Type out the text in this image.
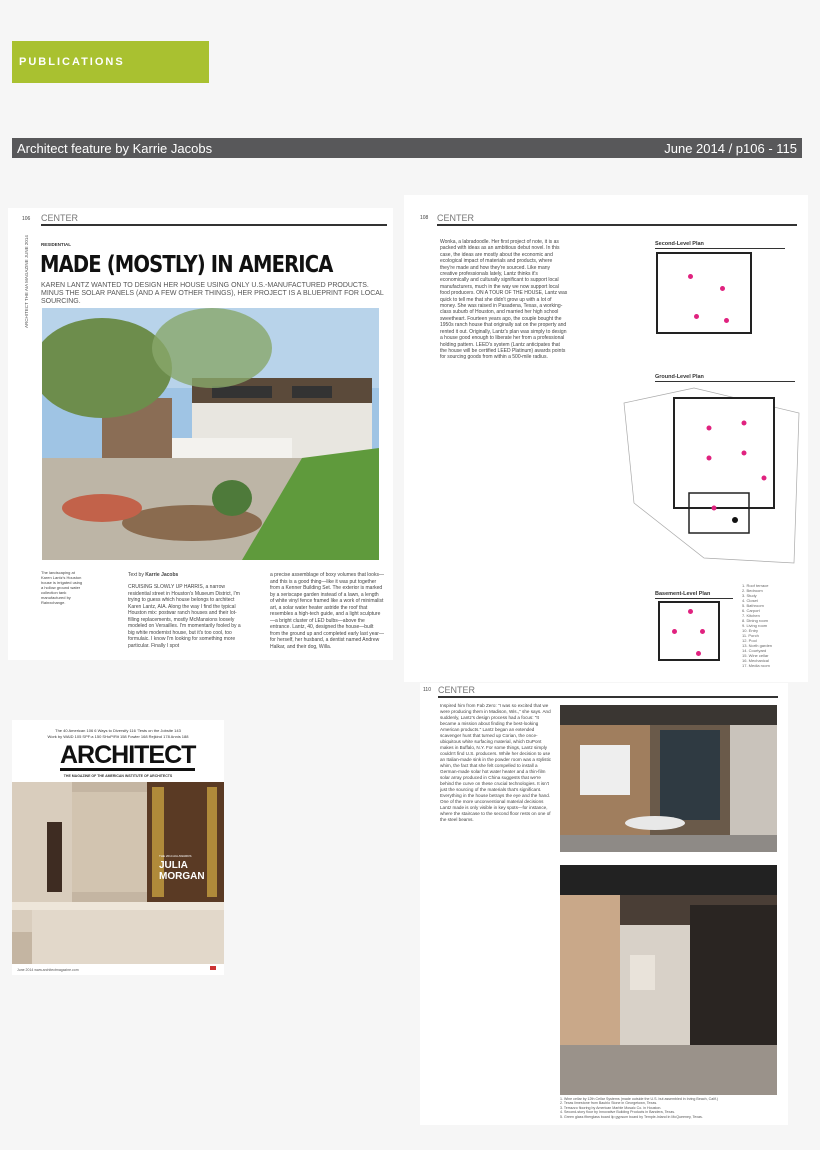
PUBLICATIONS
Architect feature by Karrie Jacobs	June 2014 / p106 - 115
106 CENTER
ARCHITECT THE AIA MAGAZINE JUNE 2014	RESIDENTIAL
MADE (MOSTLY) IN AMERICA
KAREN LANTZ WANTED TO DESIGN HER HOUSE USING ONLY U.S.-MANUFACTURED PRODUCTS. MINUS THE SOLAR PANELS (AND A FEW OTHER THINGS), HER PROJECT IS A BLUEPRINT FOR LOCAL SOURCING.
The landscaping at Karen Lantz's Houston house is irrigated using a hollow ground water collection tank manufactured by Rainxchange.
Text by Karrie Jacobs
CRUISING SLOWLY UP HARRIS, a narrow residential street in Houston's Museum District, I'm trying to guess which house belongs to architect Karen Lantz, AIA. Along the way I find the typical Houston mix: postwar ranch houses and their lot-filling replacements, mostly McMansions loosely modeled on Versailles. I'm momentarily fooled by a big white modernist house, but it's too cool, too formulaic. I know I'm looking for something more particular. Finally I spot
a precise assemblage of boxy volumes that looks—and this is a good thing—like it was put together from a Kenner Building Set. The exterior is marked by a xeriscape garden instead of a lawn, a length of white vinyl fence framed like a work of minimalist art, a solar water heater astride the roof that resembles a high-tech guide, and a light sculpture—a bright cluster of LED bulbs—above the entrance. Lantz, 40, designed the house—built from the ground up and completed early last year—for herself, her husband, a dentist named Andrew Halkar, and their dog, Willa.
108 CENTER
Wonka, a labradoodle. Her first project of note, it is as packed with ideas as an ambitious debut novel. In this case, the ideas are mostly about the economic and ecological impact of materials and products, where they're made and how they're sourced. Like many creative professionals lately, Lantz thinks it's economically and culturally significant to support local manufacturers, much in the way we now support local food producers. ON A TOUR OF THE HOUSE, Lantz was quick to tell me that she didn't grow up with a lot of money. She was raised in Pasadena, Texas, a working-class suburb of Houston, and married her high school sweetheart. Fourteen years ago, the couple bought the 1950s ranch house that originally sat on the property and rented it out. Originally, Lantz's plan was simply to design a house good enough to liberate her from a professional holding pattern. LEED's system (Lantz anticipates that the house will be certified LEED Platinum) awards points for sourcing goods from within a 500-mile radius.
Second-Level Plan
Ground-Level Plan
Basement-Level Plan
1. Roof terrace
2. Bedroom
3. Study
4. Closet
5. Bathroom
6. Carport
7. Kitchen
8. Dining room
9. Living room
10. Entry
11. Porch
12. Pool
13. North garden
14. Courtyard
15. Wine cellar
16. Mechanical
17. Media room
110 CENTER
Inspired him from Fab Zero: "I was so excited that we were producing them in Madison, Wis.," she says. And suddenly, Lantz's design process had a focus: "It became a mission about finding the best-looking American products." Lantz began an extended scavenger hunt that turned up Corian, the once-ubiquitous white surfacing material, which DuPont makes in Buffalo, N.Y. For some things, Lantz simply couldn't find U.S. producers. While her decision to use an Italian-made sink in the powder room was a stylistic whim, the fact that she felt compelled to install a German-made solar hot water heater and a thin-film solar array produced in China suggests that we're behind the curve on these crucial technologies. It isn't just the sourcing of the materials that's significant. Everything in the house betrays the eye and the hand. One of the more unconventional material decisions Lantz made is only visible in key spots—for instance, where the staircase to the second floor rests on one of the steel beams.
1. Wine cellar by 12th Cellar Systems (made outside the U.S. but assembled in Irving Beach, Calif.)
2. Texas limestone from Baublo Stone in Georgetown, Texas.
3. Terrazzo flooring by American Marble Mosaic Co. in Houston.
4. Second-story floor by Innovative Building Products in Bandera, Texas.
5. Green glass fiberglass board lip gypsum board by Temple-Inland in McQueeney, Texas.
The 40 American 106 6 Ways to Diversify 116 'Tests on the Jobsite 143
Work by WAID 105 SPF:a 150 SHoP/Rit 158 Fowler 168 Rejkind 178 Annis 188
ARCHITECT
THE MAGAZINE OF THE AMERICAN INSTITUTE OF ARCHITECTS
THE 2014 AIA AWARDS
JULIA MORGAN
June 2014 www.architectmagazine.com
